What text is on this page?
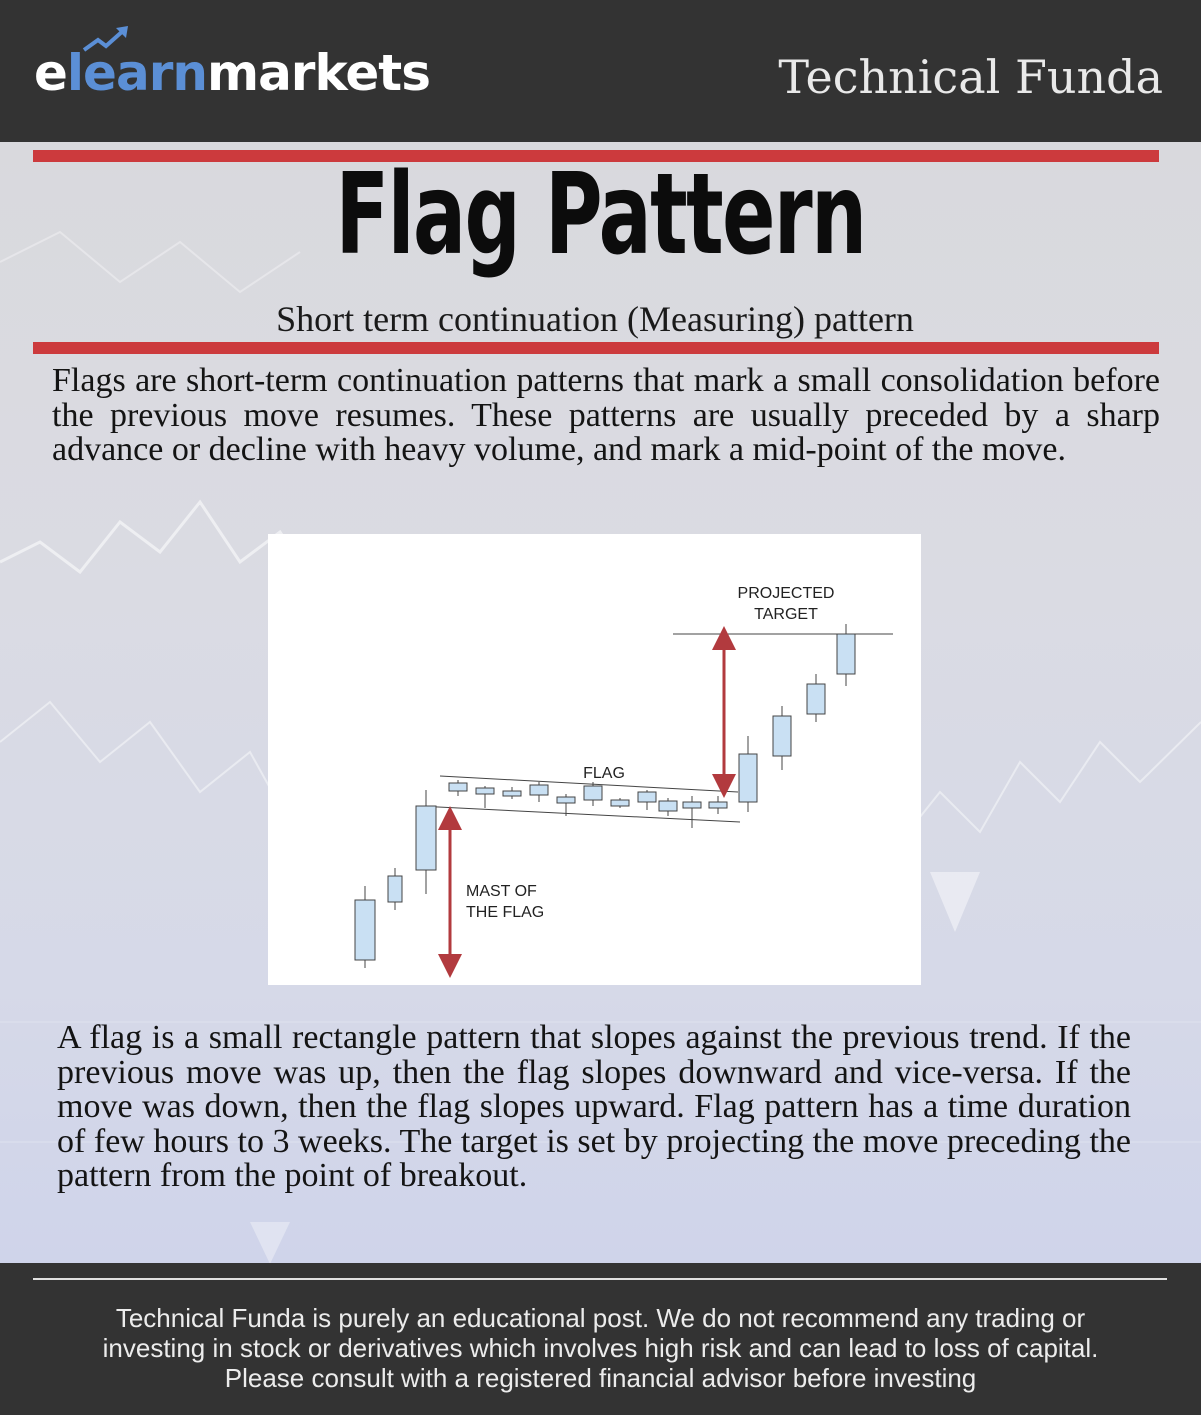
elearnmarkets	Technical Funda
Flag Pattern
Short term continuation (Measuring) pattern
Flags are short-term continuation patterns that mark a small consolidation before the previous move resumes. These patterns are usually preceded by a sharp advance or decline with heavy volume, and mark a mid-point of the move.
PROJECTED
TARGET
FLAG
MAST OF
THE FLAG
A flag is a small rectangle pattern that slopes against the previous trend. If the previous move was up, then the flag slopes downward and vice-versa. If the move was down, then the flag slopes upward. Flag pattern has a time duration of few hours to 3 weeks. The target is set by projecting the move preceding the pattern from the point of breakout.
Technical Funda is purely an educational post. We do not recommend any trading or
investing in stock or derivatives which involves high risk and can lead to loss of capital.
Please consult with a registered financial advisor before investing
